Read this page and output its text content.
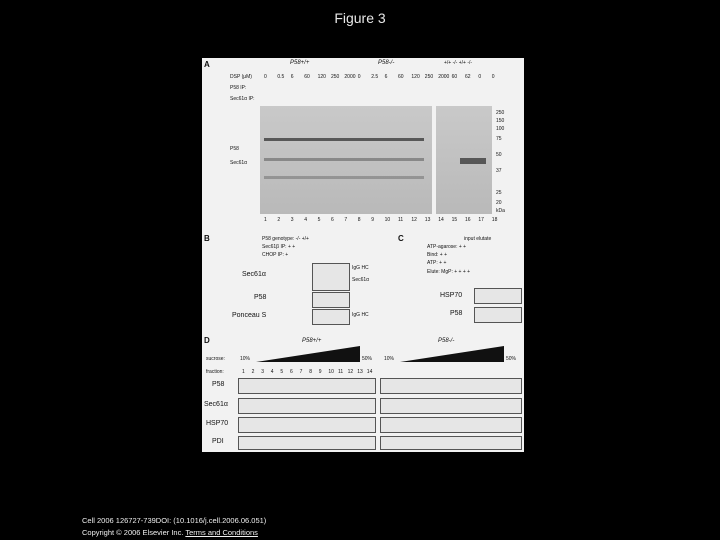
Figure 3
A	P58+/+	P58-/-	+/+ -/- +/+ -/-
DSP (μM)
P58 IP:
Sec61α IP:
0 0.5 6 60 120 250 2000 0 2.5 6 60 120 250 2000 60 62 0 0
P58
Sec61α
250
150
100
75
50
37
25
20
kDa
1 2 3 4 5 6 7 8 9 10 11 12 13 14 15 16 17 18
B	P58 genotype: -/- +/+
Sec61β IP: + +
CHOP IP: +
IgG HC
Sec61α
IgG HC
Sec61α
P58
Ponceau S
C	input elutate
ATP-agarose: + +
Bind: + +
ATP: + +
Elute: MgP: + + + +
HSP70
P58
D	P58+/+	P58-/-
sucrose:	10%	50% 10%	50%
fraction:	1 2 3 4 5 6 7 8 9 10 11 12 13 14
P58
Sec61α
HSP70
PDI
Cell 2006 126727-739DOI: (10.1016/j.cell.2006.06.051)
Copyright © 2006 Elsevier Inc. Terms and Conditions
